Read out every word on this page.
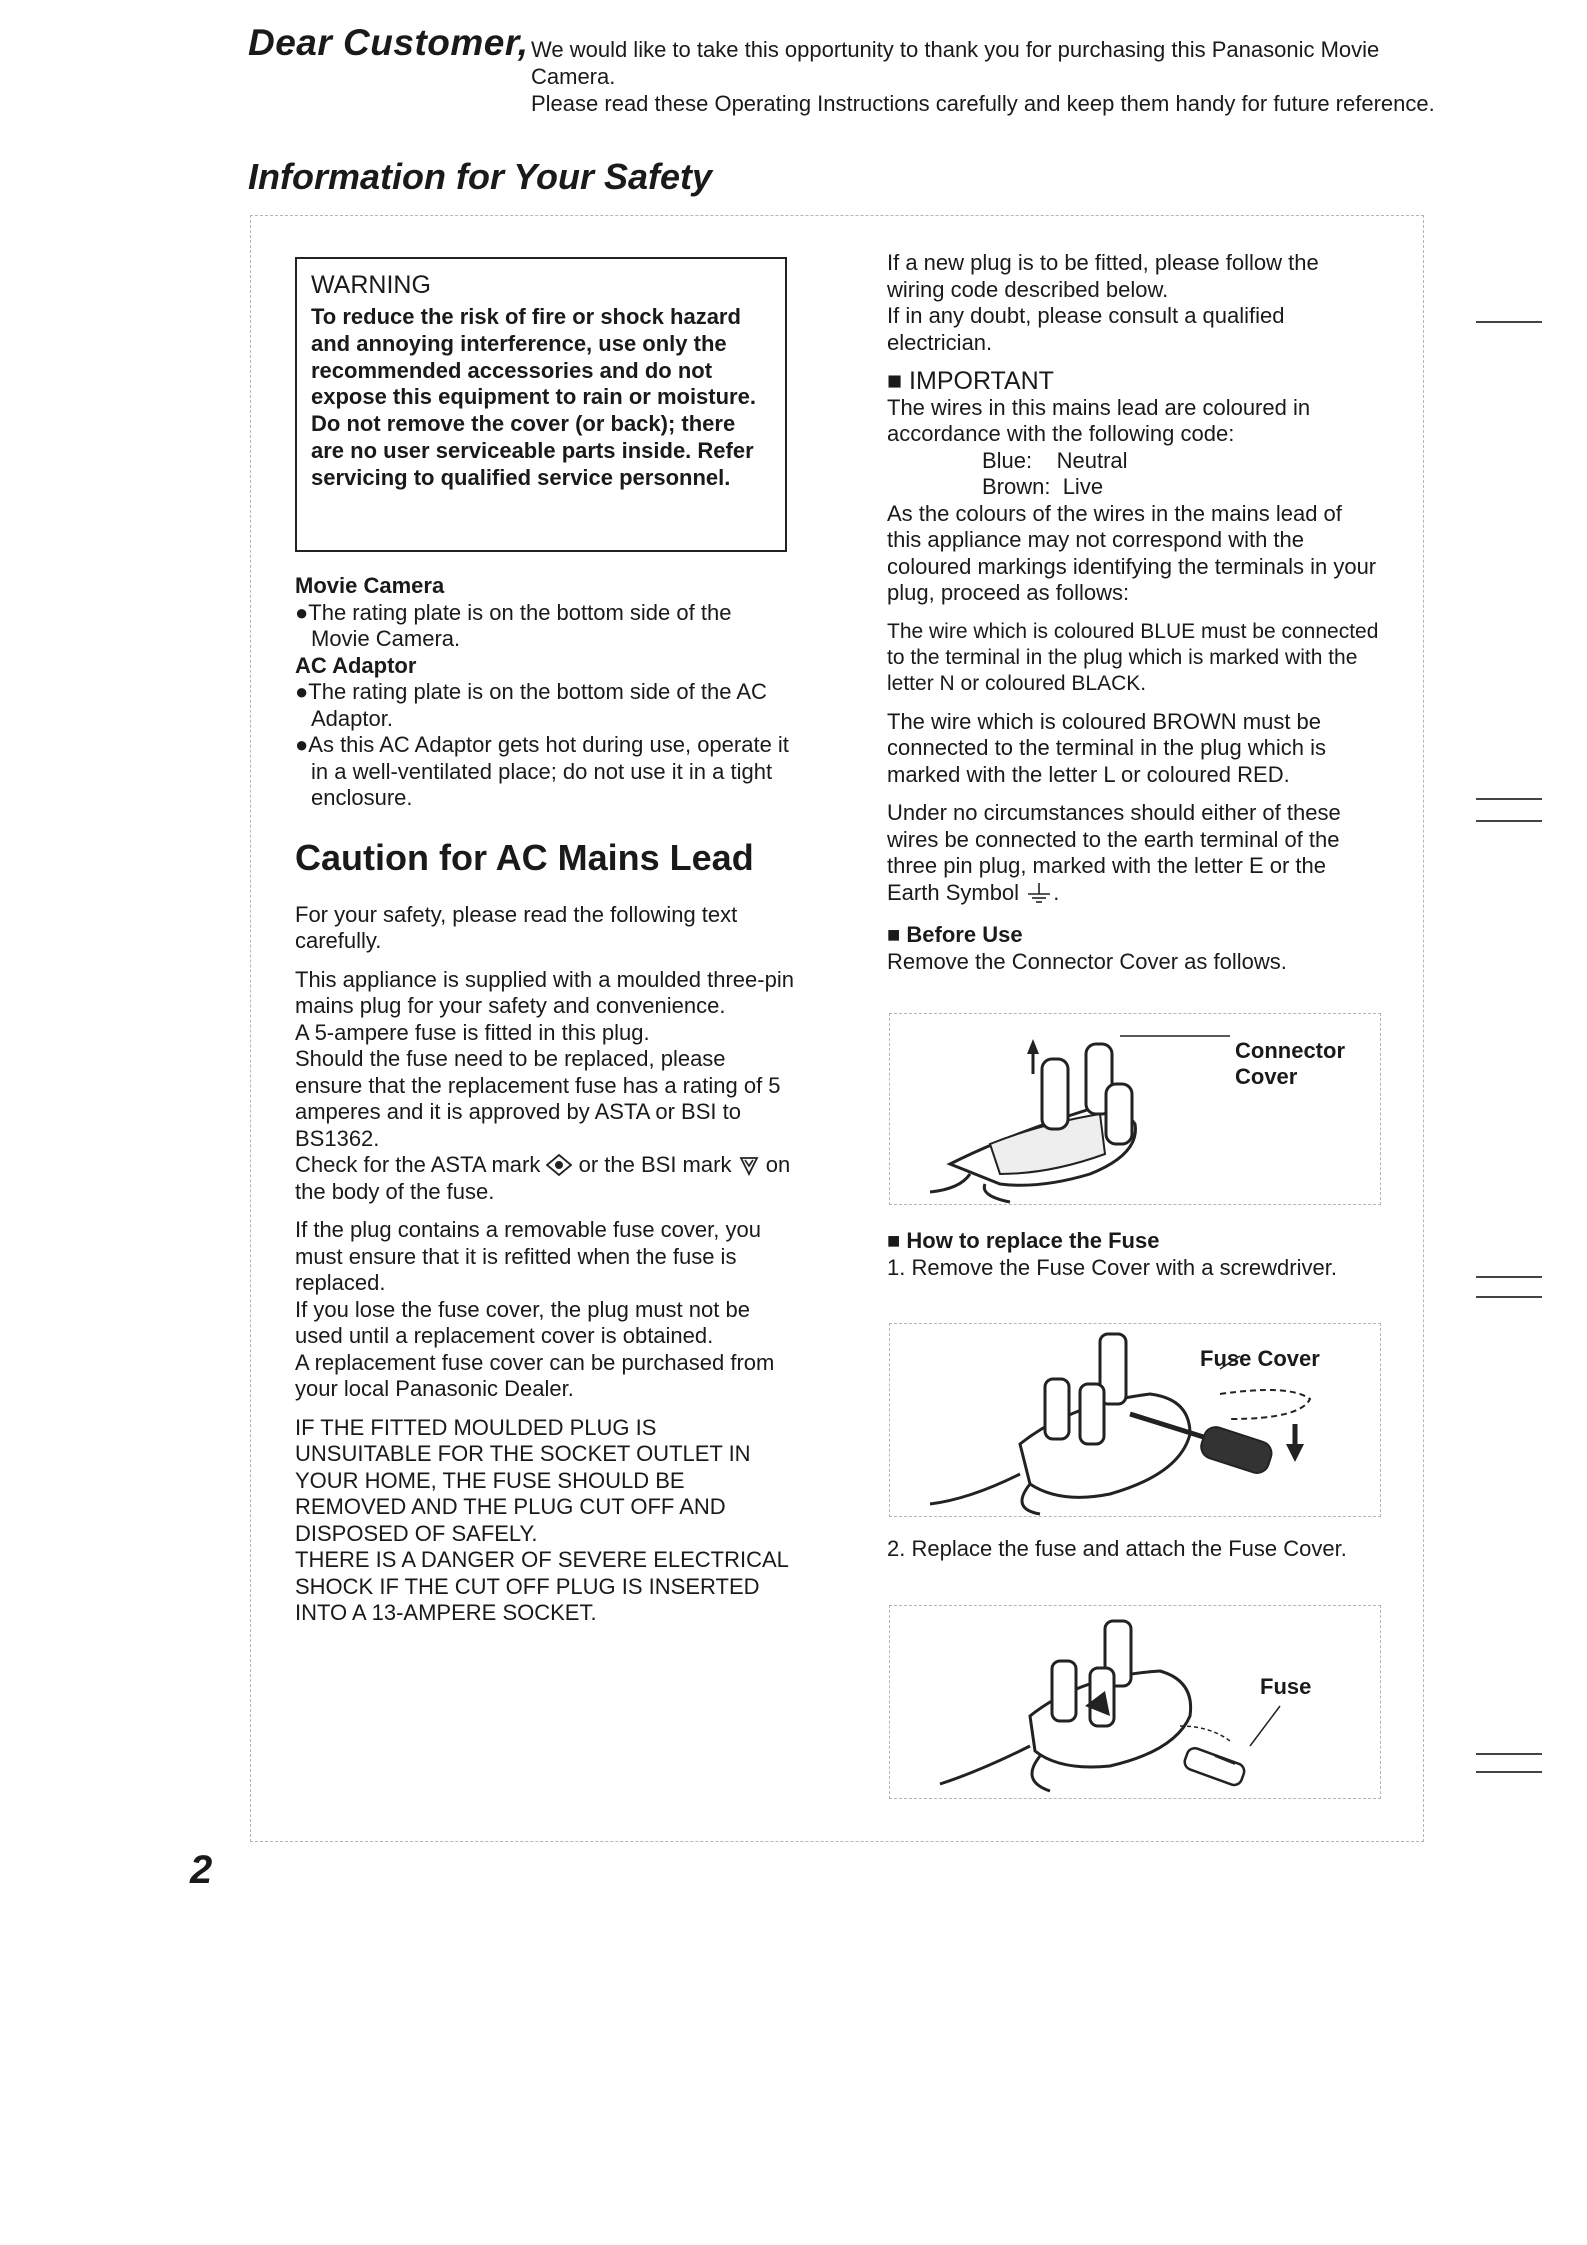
Dear Customer, We would like to take this opportunity to thank you for purchasing this Panasonic Movie Camera.

Please read these Operating Instructions carefully and keep them handy for future reference.

Information for Your Safety
WARNING

To reduce the risk of fire or shock hazard and annoying interference, use only the recommended accessories and do not expose this equipment to rain or moisture.

Do not remove the cover (or back); there are no user serviceable parts inside. Refer servicing to qualified service personnel.

Movie Camera

●The rating plate is on the bottom side of the Movie Camera.

AC Adaptor

●The rating plate is on the bottom side of the AC Adaptor.

●As this AC Adaptor gets hot during use, operate it in a well-ventilated place; do not use it in a tight enclosure.

Caution for AC Mains Lead

For your safety, please read the following text carefully.

This appliance is supplied with a moulded three-pin mains plug for your safety and convenience.

A 5-ampere fuse is fitted in this plug.

Should the fuse need to be replaced, please ensure that the replacement fuse has a rating of 5 amperes and it is approved by ASTA or BSI to BS1362.

Check for the ASTA mark or the BSI mark on the body of the fuse.

If the plug contains a removable fuse cover, you must ensure that it is refitted when the fuse is replaced.

If you lose the fuse cover, the plug must not be used until a replacement cover is obtained.

A replacement fuse cover can be purchased from your local Panasonic Dealer.

IF THE FITTED MOULDED PLUG IS UNSUITABLE FOR THE SOCKET OUTLET IN YOUR HOME, THE FUSE SHOULD BE REMOVED AND THE PLUG CUT OFF AND DISPOSED OF SAFELY.

THERE IS A DANGER OF SEVERE ELECTRICAL SHOCK IF THE CUT OFF PLUG IS INSERTED INTO A 13-AMPERE SOCKET.

If a new plug is to be fitted, please follow the wiring code described below.

If in any doubt, please consult a qualified electrician.

■ IMPORTANT

The wires in this mains lead are coloured in accordance with the following code:

Blue:    Neutral

Brown:  Live

As the colours of the wires in the mains lead of this appliance may not correspond with the coloured markings identifying the terminals in your plug, proceed as follows:

The wire which is coloured BLUE must be connected to the terminal in the plug which is marked with the letter N or coloured BLACK.

The wire which is coloured BROWN must be connected to the terminal in the plug which is marked with the letter L or coloured RED.

Under no circumstances should either of these wires be connected to the earth terminal of the three pin plug, marked with the letter E or the Earth Symbol .

■ Before Use

Remove the Connector Cover as follows.

Connector Cover

■ How to replace the Fuse

1. Remove the Fuse Cover with a screwdriver.

Fuse Cover

2. Replace the fuse and attach the Fuse Cover.

Fuse
2
